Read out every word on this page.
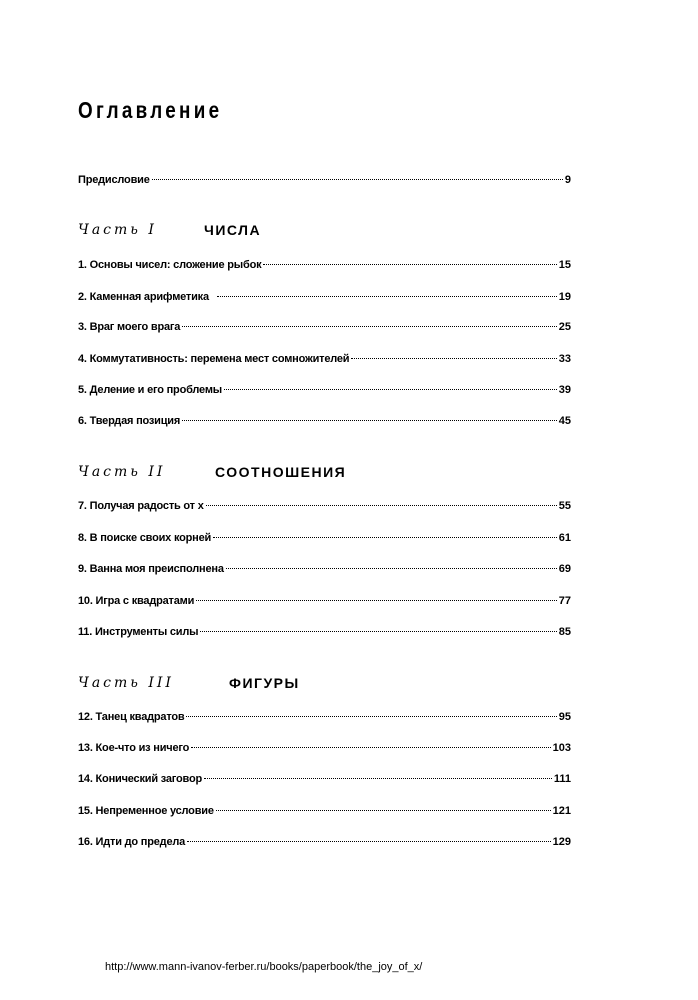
Оглавление
Предисловие	9
Часть I	ЧИСЛА
1. Основы чисел: сложение рыбок	15
2. Каменная арифметика	19
3. Враг моего врага	25
4. Коммутативность: перемена мест сомножителей	33
5. Деление и его проблемы	39
6. Твердая позиция	45
Часть II	СООТНОШЕНИЯ
7. Получая радость от x	55
8. В поиске своих корней	61
9. Ванна моя преисполнена	69
10. Игра с квадратами	77
11. Инструменты силы	85
Часть III	ФИГУРЫ
12. Танец квадратов	95
13. Кое-что из ничего	103
14. Конический заговор	111
15. Непременное условие	121
16. Идти до предела	129
http://www.mann-ivanov-ferber.ru/books/paperbook/the_joy_of_x/
